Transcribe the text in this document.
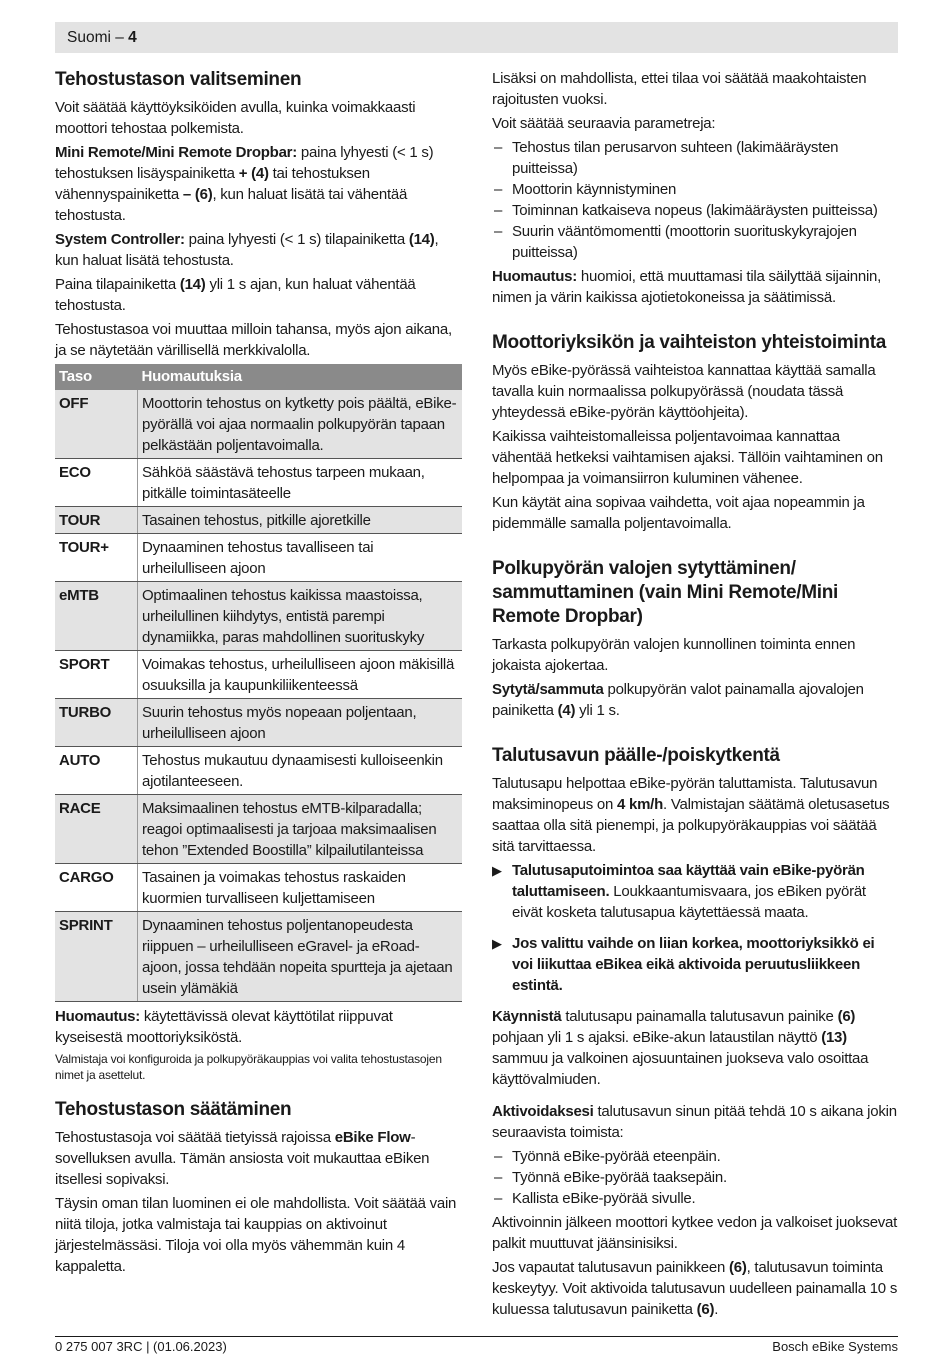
Suomi – 4
Tehostustason valitseminen
Voit säätää käyttöyksiköiden avulla, kuinka voimakkaasti moottori tehostaa polkemista.
Mini Remote/Mini Remote Dropbar: paina lyhyesti (< 1 s) tehostuksen lisäyspainiketta + (4) tai tehostuksen vähennyspainiketta – (6), kun haluat lisätä tai vähentää tehostusta.
System Controller: paina lyhyesti (< 1 s) tilapainiketta (14), kun haluat lisätä tehostusta.
Paina tilapainiketta (14) yli 1 s ajan, kun haluat vähentää tehostusta.
Tehostustasoa voi muuttaa milloin tahansa, myös ajon aikana, ja se näytetään värillisellä merkkivalolla.
Taso	Huomautuksia
OFF	Moottorin tehostus on kytketty pois päältä, eBike-pyörällä voi ajaa normaalin polkupyörän tapaan pelkästään poljentavoimalla.
ECO	Sähköä säästävä tehostus tarpeen mukaan, pitkälle toimintasäteelle
TOUR	Tasainen tehostus, pitkille ajoretkille
TOUR+	Dynaaminen tehostus tavalliseen tai urheilulliseen ajoon
eMTB	Optimaalinen tehostus kaikissa maastoissa, urheilullinen kiihdytys, entistä parempi dynamiikka, paras mahdollinen suorituskyky
SPORT	Voimakas tehostus, urheilulliseen ajoon mäkisillä osuuksilla ja kaupunkiliikenteessä
TURBO	Suurin tehostus myös nopeaan poljentaan, urheilulliseen ajoon
AUTO	Tehostus mukautuu dynaamisesti kulloiseenkin ajotilanteeseen.
RACE	Maksimaalinen tehostus eMTB-kilparadalla; reagoi optimaalisesti ja tarjoaa maksimaalisen tehon ”Extended Boostilla” kilpailutilanteissa
CARGO	Tasainen ja voimakas tehostus raskaiden kuormien turvalliseen kuljettamiseen
SPRINT	Dynaaminen tehostus poljentanopeudesta riippuen – urheilulliseen eGravel- ja eRoad-ajoon, jossa tehdään nopeita spurtteja ja ajetaan usein ylämäkiä
Huomautus: käytettävissä olevat käyttötilat riippuvat kyseisestä moottoriyksiköstä.
Valmistaja voi konfiguroida ja polkupyöräkauppias voi valita tehostustasojen nimet ja asettelut.
Tehostustason säätäminen
Tehostustasoja voi säätää tietyissä rajoissa eBike Flow-sovelluksen avulla. Tämän ansiosta voit mukauttaa eBiken itsellesi sopivaksi.
Täysin oman tilan luominen ei ole mahdollista. Voit säätää vain niitä tiloja, jotka valmistaja tai kauppias on aktivoinut järjestelmässäsi. Tiloja voi olla myös vähemmän kuin 4 kappaletta.
Lisäksi on mahdollista, ettei tilaa voi säätää maakohtaisten rajoitusten vuoksi.
Voit säätää seuraavia parametreja:
– Tehostus tilan perusarvon suhteen (lakimääräysten puitteissa)
– Moottorin käynnistyminen
– Toiminnan katkaiseva nopeus (lakimääräysten puitteissa)
– Suurin vääntömomentti (moottorin suorituskykyrajojen puitteissa)
Huomautus: huomioi, että muuttamasi tila säilyttää sijainnin, nimen ja värin kaikissa ajotietokoneissa ja säätimissä.
Moottoriyksikön ja vaihteiston yhteistoiminta
Myös eBike-pyörässä vaihteistoa kannattaa käyttää samalla tavalla kuin normaalissa polkupyörässä (noudata tässä yhteydessä eBike-pyörän käyttöohjeita).
Kaikissa vaihteistomalleissa poljentavoimaa kannattaa vähentää hetkeksi vaihtamisen ajaksi. Tällöin vaihtaminen on helpompaa ja voimansiirron kuluminen vähenee.
Kun käytät aina sopivaa vaihdetta, voit ajaa nopeammin ja pidemmälle samalla poljentavoimalla.
Polkupyörän valojen sytyttäminen/ sammuttaminen (vain Mini Remote/Mini Remote Dropbar)
Tarkasta polkupyörän valojen kunnollinen toiminta ennen jokaista ajokertaa.
Sytytä/sammuta polkupyörän valot painamalla ajovalojen painiketta (4) yli 1 s.
Talutusavun päälle-/poiskytkentä
Talutusapu helpottaa eBike-pyörän taluttamista. Talutusavun maksiminopeus on 4 km/h. Valmistajan säätämä oletusasetus saattaa olla sitä pienempi, ja polkupyöräkauppias voi säätää sitä tarvittaessa.
▶ Talutusaputoimintoa saa käyttää vain eBike-pyörän taluttamiseen. Loukkaantumisvaara, jos eBiken pyörät eivät kosketa talutusapua käytettäessä maata.
▶ Jos valittu vaihde on liian korkea, moottoriyksikkö ei voi liikuttaa eBikea eikä aktivoida peruutusliikkeen estintä.
Käynnistä talutusapu painamalla talutusavun painike (6) pohjaan yli 1 s ajaksi. eBike-akun lataustilan näyttö (13) sammuu ja valkoinen ajosuuntainen juokseva valo osoittaa käyttövalmiuden.
Aktivoidaksesi talutusavun sinun pitää tehdä 10 s aikana jokin seuraavista toimista:
– Työnnä eBike-pyörää eteenpäin.
– Työnnä eBike-pyörää taaksepäin.
– Kallista eBike-pyörää sivulle.
Aktivoinnin jälkeen moottori kytkee vedon ja valkoiset juoksevat palkit muuttuvat jäänsinisiksi.
Jos vapautat talutusavun painikkeen (6), talutusavun toiminta keskeytyy. Voit aktivoida talutusavun uudelleen painamalla 10 s kuluessa talutusavun painiketta (6).
0 275 007 3RC | (01.06.2023)	Bosch eBike Systems
